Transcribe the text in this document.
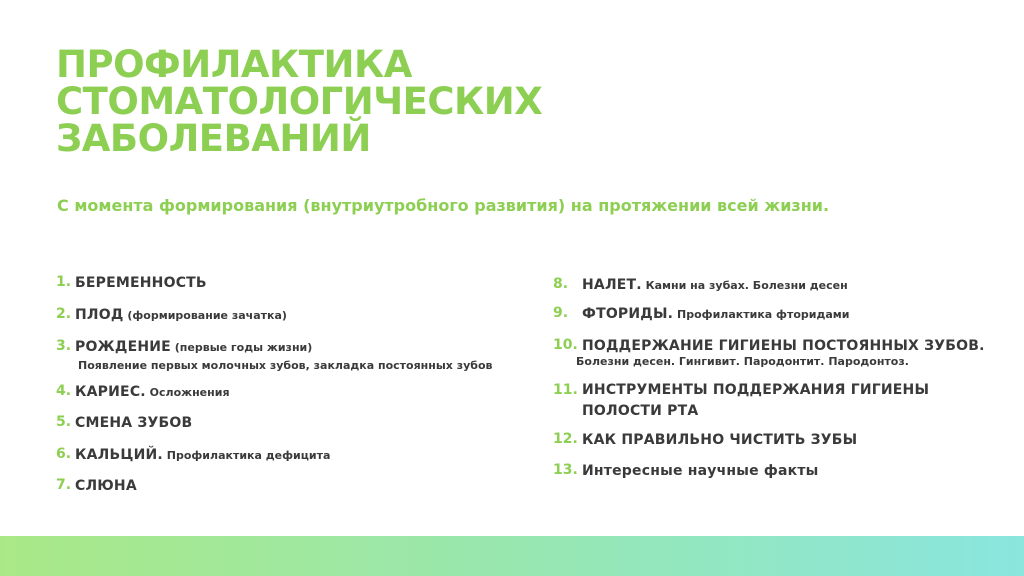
ПРОФИЛАКТИКА
СТОМАТОЛОГИЧЕСКИХ
ЗАБОЛЕВАНИЙ

С момента формирования (внутриутробного развития) на протяжении всей жизни.

1. БЕРЕМЕННОСТЬ
2. ПЛОД (формирование зачатка)
3. РОЖДЕНИЕ (первые годы жизни)
Появление первых молочных зубов, закладка постоянных зубов
4. КАРИЕС. Осложнения
5. СМЕНА ЗУБОВ
6. КАЛЬЦИЙ. Профилактика дефицита
7. СЛЮНА
8. НАЛЕТ. Камни на зубах. Болезни десен
9. ФТОРИДЫ. Профилактика фторидами
10. ПОДДЕРЖАНИЕ ГИГИЕНЫ ПОСТОЯННЫХ ЗУБОВ.
Болезни десен. Гингивит. Пародонтит. Пародонтоз.
11. ИНСТРУМЕНТЫ ПОДДЕРЖАНИЯ ГИГИЕНЫ
ПОЛОСТИ РТА
12. КАК ПРАВИЛЬНО ЧИСТИТЬ ЗУБЫ
13. Интересные научные факты
